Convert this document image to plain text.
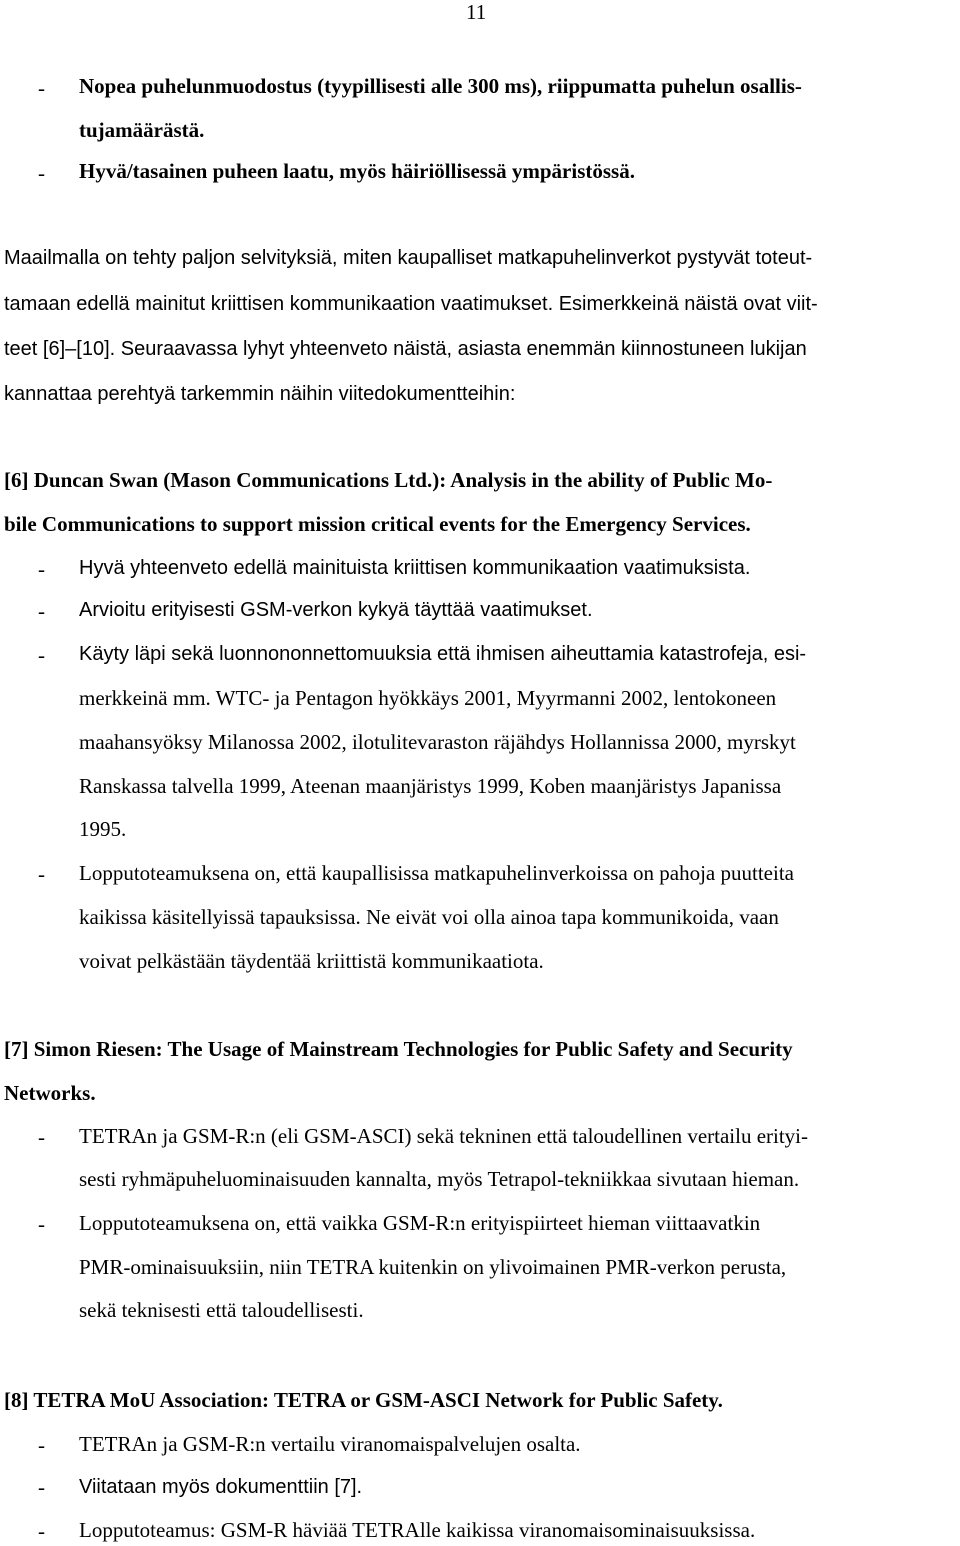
11
- Nopea puhelunmuodostus (tyypillisesti alle 300 ms), riippumatta puhelun osallis-
tujamäärästä.
- Hyvä/tasainen puheen laatu, myös häiriöllisessä ympäristössä.
Maailmalla on tehty paljon selvityksiä, miten kaupalliset matkapuhelinverkot pystyvät toteut-
tamaan edellä mainitut kriittisen kommunikaation vaatimukset. Esimerkkeinä näistä ovat viit-
teet [6]–[10]. Seuraavassa lyhyt yhteenveto näistä, asiasta enemmän kiinnostuneen lukijan
kannattaa perehtyä tarkemmin näihin viitedokumentteihin:
[6] Duncan Swan (Mason Communications Ltd.): Analysis in the ability of Public Mo-
bile Communications to support mission critical events for the Emergency Services.
- Hyvä yhteenveto edellä mainituista kriittisen kommunikaation vaatimuksista.
- Arvioitu erityisesti GSM-verkon kykyä täyttää vaatimukset.
- Käyty läpi sekä luonnononnettomuuksia että ihmisen aiheuttamia katastrofeja, esi-
merkkeinä mm. WTC- ja Pentagon hyökkäys 2001, Myyrmanni 2002, lentokoneen
maahansyöksy Milanossa 2002, ilotulitevaraston räjähdys Hollannissa 2000, myrskyt
Ranskassa talvella 1999, Ateenan maanjäristys 1999, Koben maanjäristys Japanissa
1995.
- Lopputoteamuksena on, että kaupallisissa matkapuhelinverkoissa on pahoja puutteita
kaikissa käsitellyissä tapauksissa. Ne eivät voi olla ainoa tapa kommunikoida, vaan
voivat pelkästään täydentää kriittistä kommunikaatiota.
[7] Simon Riesen: The Usage of Mainstream Technologies for Public Safety and Security
Networks.
- TETRAn ja GSM-R:n (eli GSM-ASCI) sekä tekninen että taloudellinen vertailu erityi-
sesti ryhmäpuheluominaisuuden kannalta, myös Tetrapol-tekniikkaa sivutaan hieman.
- Lopputoteamuksena on, että vaikka GSM-R:n erityispiirteet hieman viittaavatkin
PMR-ominaisuuksiin, niin TETRA kuitenkin on ylivoimainen PMR-verkon perusta,
sekä teknisesti että taloudellisesti.
[8] TETRA MoU Association: TETRA or GSM-ASCI Network for Public Safety.
- TETRAn ja GSM-R:n vertailu viranomaispalvelujen osalta.
- Viitataan myös dokumenttiin [7].
- Lopputoteamus: GSM-R häviää TETRAlle kaikissa viranomaisominaisuuksissa.
